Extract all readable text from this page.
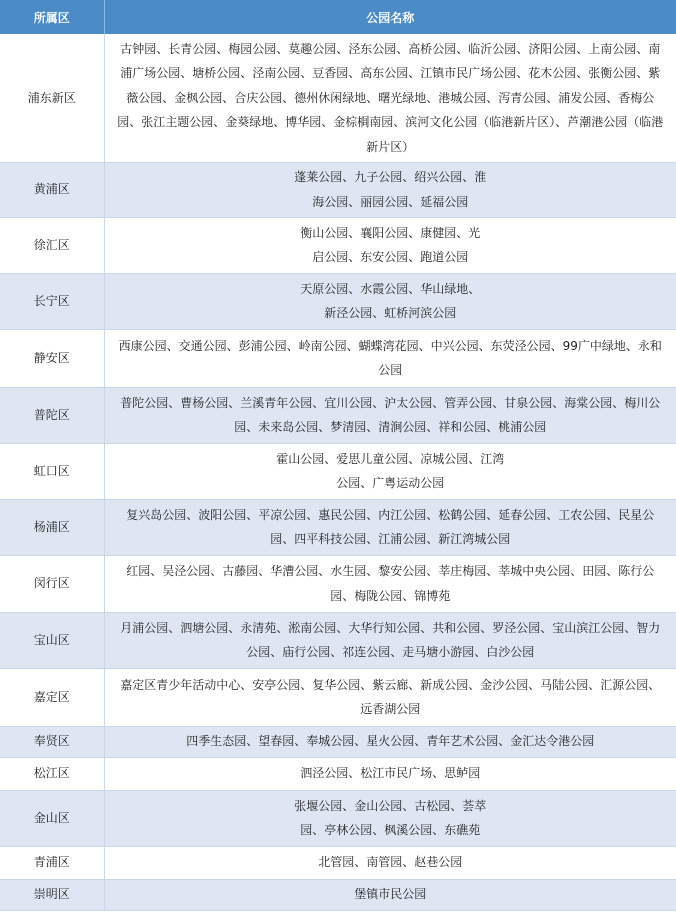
所属区	公园名称
浦东新区	古钟园、长青公园、梅园公园、莫趣公园、泾东公园、高桥公园、临沂公园、济阳公园、上南公园、南浦广场公园、塘桥公园、泾南公园、豆香园、高东公园、江镇市民广场公园、花木公园、张衡公园、紫薇公园、金枫公园、合庆公园、德州休闲绿地、曙光绿地、港城公园、泻青公园、浦发公园、香梅公园、张江主题公园、金葵绿地、博华园、金棕榈南园、滨河文化公园（临港新片区）、芦潮港公园（临港新片区）
黄浦区	蓬莱公园、九子公园、绍兴公园、淮海公园、丽园公园、延福公园
徐汇区	衡山公园、襄阳公园、康健园、光启公园、东安公园、跑道公园
长宁区	天原公园、水霞公园、华山绿地、新泾公园、虹桥河滨公园
静安区	西康公园、交通公园、彭浦公园、岭南公园、蝴蝶湾花园、中兴公园、东荧泾公园、99广中绿地、永和公园
普陀区	普陀公园、曹杨公园、兰溪青年公园、宜川公园、沪太公园、管弄公园、甘泉公园、海棠公园、梅川公园、未来岛公园、梦清园、清涧公园、祥和公园、桃浦公园
虹口区	霍山公园、爱思儿童公园、凉城公园、江湾公园、广粤运动公园
杨浦区	复兴岛公园、波阳公园、平凉公园、惠民公园、内江公园、松鹤公园、延春公园、工农公园、民星公园、四平科技公园、江浦公园、新江湾城公园
闵行区	红园、吴泾公园、古藤园、华漕公园、水生园、黎安公园、莘庄梅园、莘城中央公园、田园、陈行公园、梅陇公园、锦博苑
宝山区	月浦公园、泗塘公园、永清苑、淞南公园、大华行知公园、共和公园、罗泾公园、宝山滨江公园、智力公园、庙行公园、祁连公园、走马塘小游园、白沙公园
嘉定区	嘉定区青少年活动中心、安亭公园、复华公园、紫云廊、新成公园、金沙公园、马陆公园、汇源公园、远香湖公园
奉贤区	四季生态园、望春园、奉城公园、星火公园、青年艺术公园、金汇达令港公园
松江区	泗泾公园、松江市民广场、思鲈园
金山区	张堰公园、金山公园、古松园、荟萃园、亭林公园、枫溪公园、东礁苑
青浦区	北管园、南管园、赵巷公园
崇明区	堡镇市民公园
